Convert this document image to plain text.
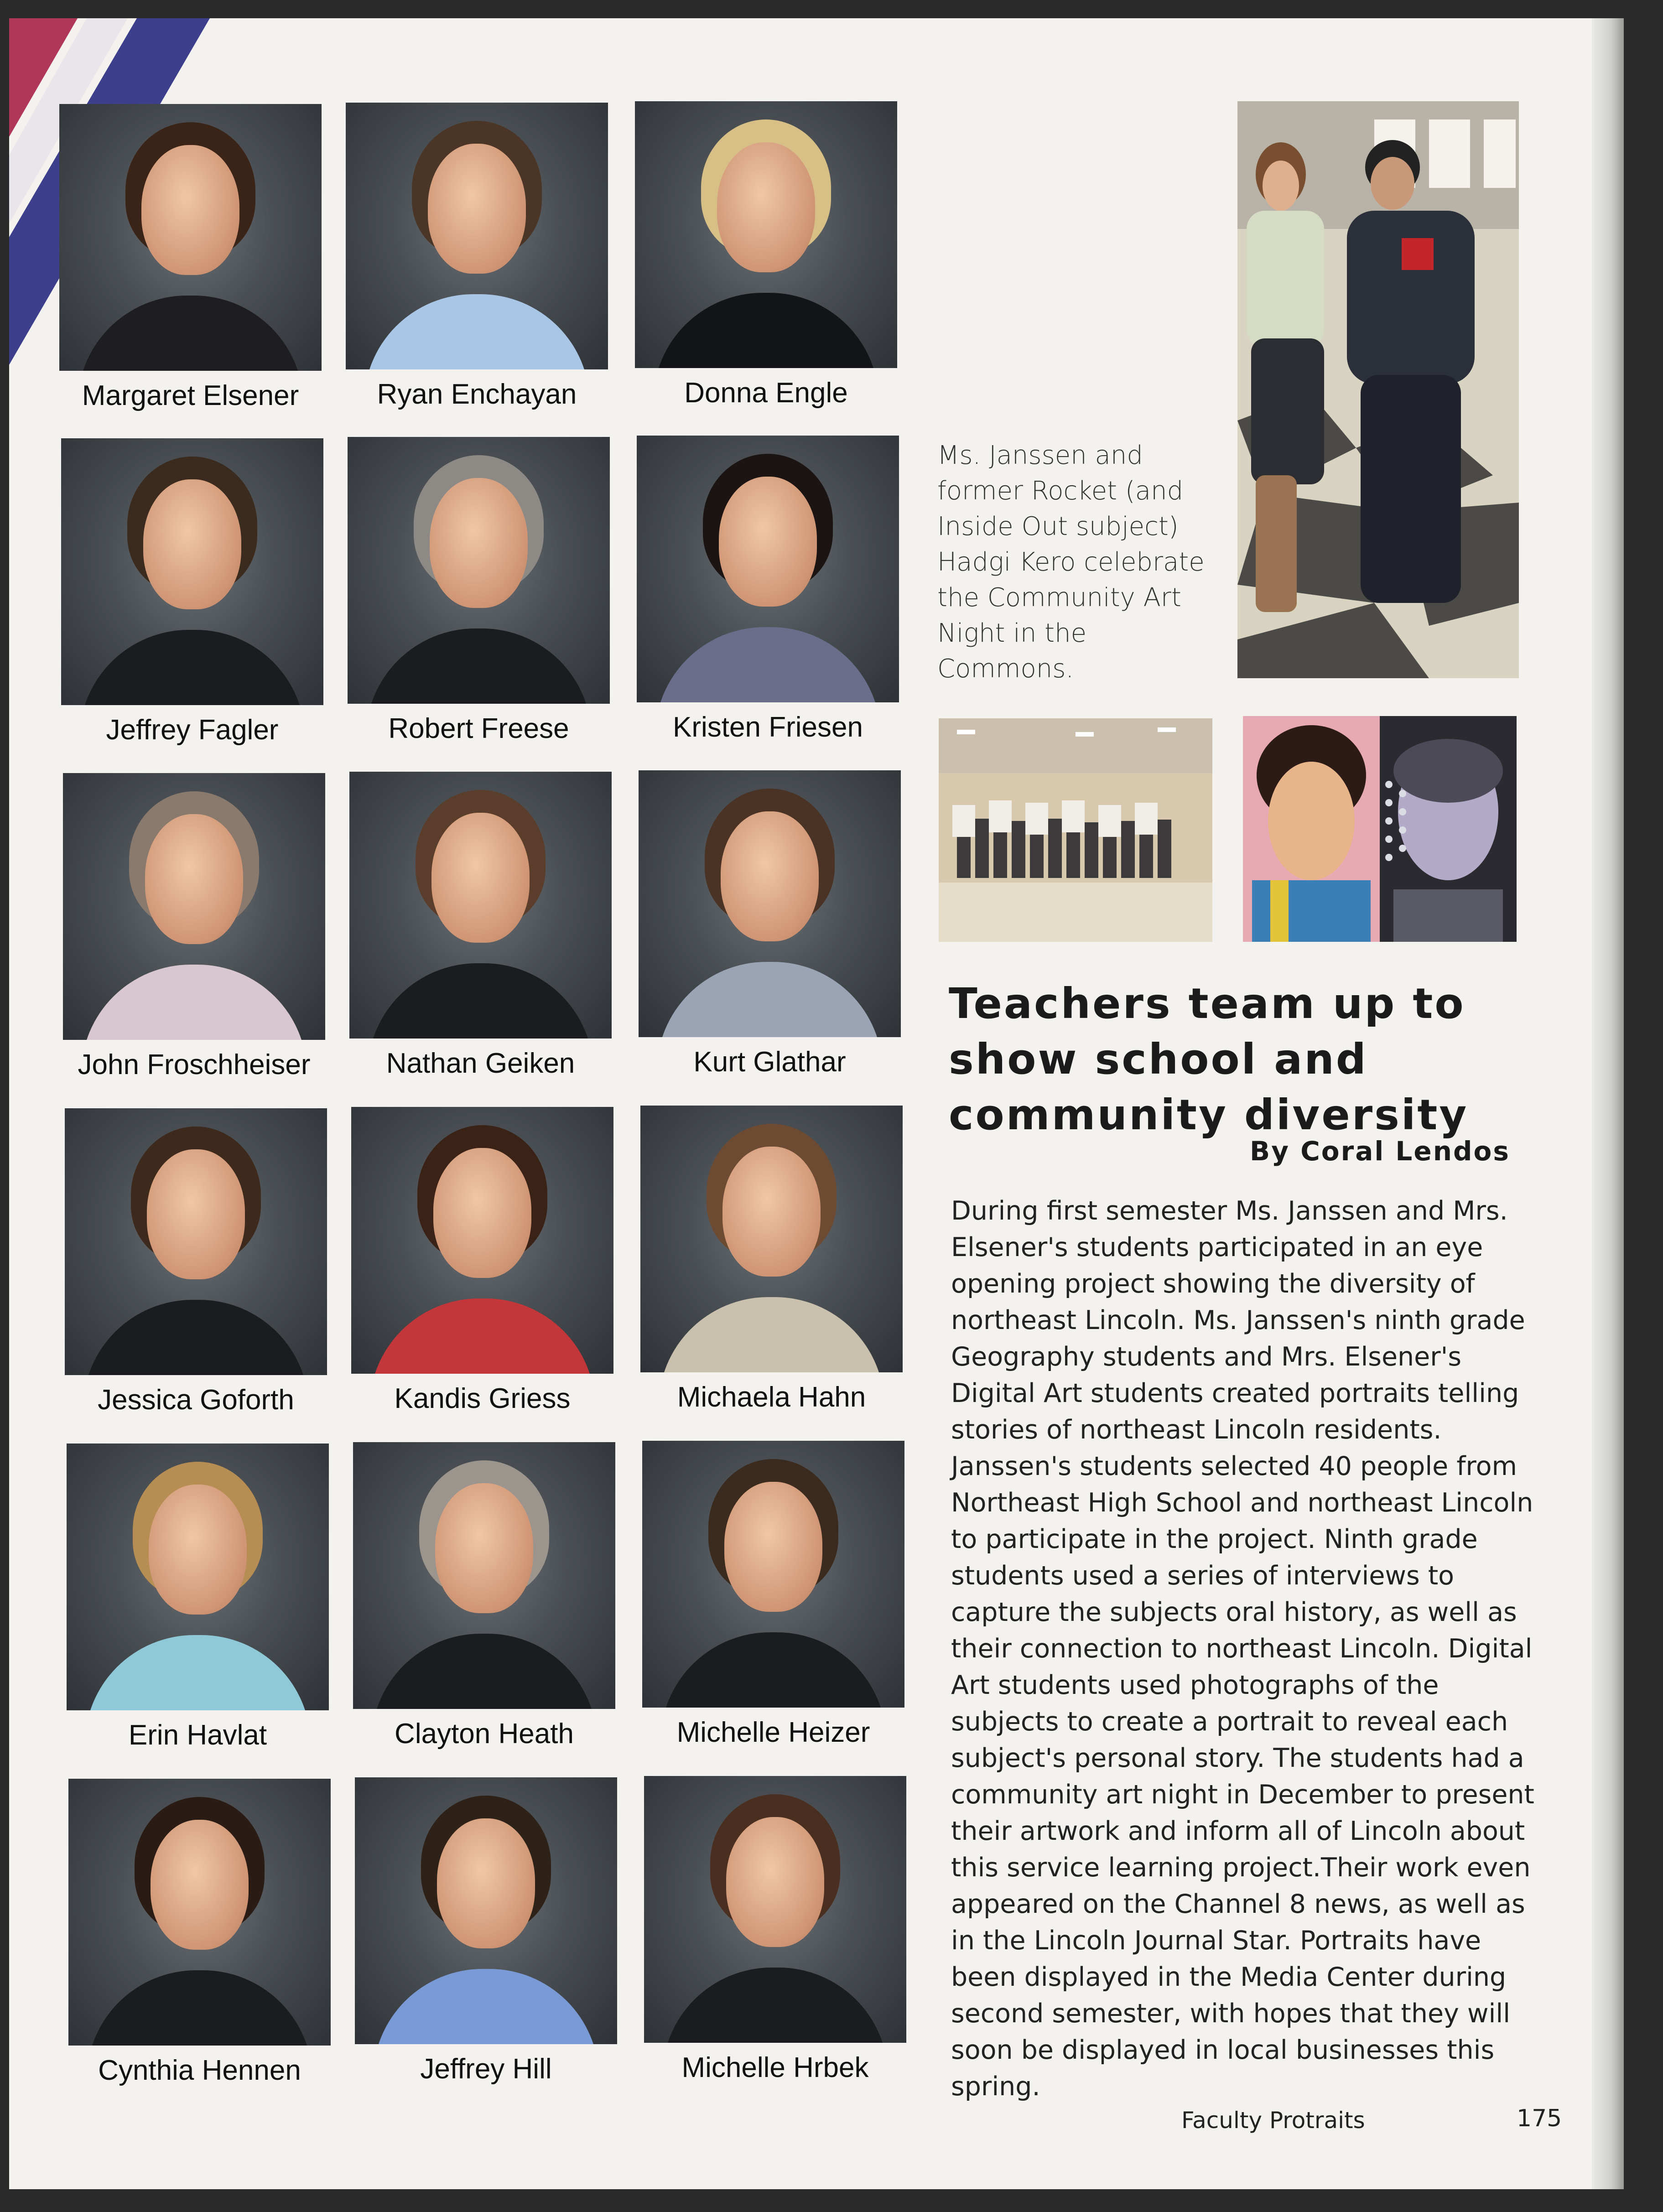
Margaret Elsener	Ryan Enchayan	Donna Engle
Jeffrey Fagler	Robert Freese	Kristen Friesen
John Froschheiser	Nathan Geiken	Kurt Glathar
Jessica Goforth	Kandis Griess	Michaela Hahn
Erin Havlat	Clayton Heath	Michelle Heizer
Cynthia Hennen	Jeffrey Hill	Michelle Hrbek
Ms. Janssen and former Rocket (and Inside Out subject) Hadgi Kero celebrate the Community Art Night in the Commons.
Teachers team up to show school and community diversity
By Coral Lendos

During first semester Ms. Janssen and Mrs. Elsener's students participated in an eye opening project showing the diversity of northeast Lincoln. Ms. Janssen's ninth grade Geography students and Mrs. Elsener's Digital Art students created portraits telling stories of northeast Lincoln residents. Janssen's students selected 40 people from Northeast High School and northeast Lincoln to participate in the project. Ninth grade students used a series of interviews to capture the subjects oral history, as well as their connection to northeast Lincoln. Digital Art students used photographs of the subjects to create a portrait to reveal each subject's personal story. The students had a community art night in December to present their artwork and inform all of Lincoln about this service learning project.Their work even appeared on the Channel 8 news, as well as in the Lincoln Journal Star. Portraits have been displayed in the Media Center during second semester, with hopes that they will soon be displayed in local businesses this spring.

Faculty Protraits	175
